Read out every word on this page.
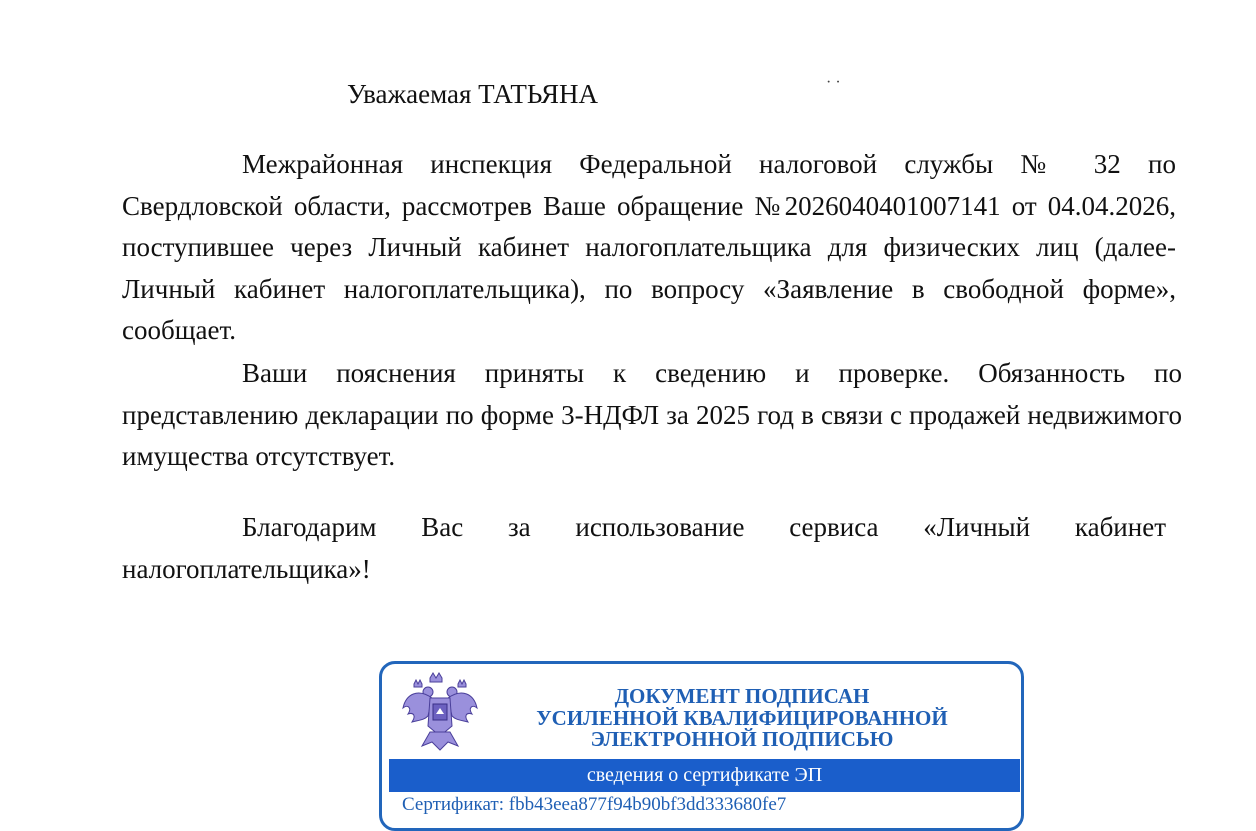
Уважаемая ТАТЬЯНА	· ·

Межрайонная инспекция Федеральной налоговой службы № 32 по Свердловской области, рассмотрев Ваше обращение №2026040401007141 от 04.04.2026, поступившее через Личный кабинет налогоплательщика для физических лиц (далее- Личный кабинет налогоплательщика), по вопросу «Заявление в свободной форме», сообщает.

Ваши пояснения приняты к сведению и проверке. Обязанность по представлению декларации по форме 3-НДФЛ за 2025 год в связи с продажей недвижимого имущества отсутствует.

Благодарим Вас за использование сервиса «Личный кабинет налогоплательщика»!

ДОКУМЕНТ ПОДПИСАН
УСИЛЕННОЙ КВАЛИФИЦИРОВАННОЙ
ЭЛЕКТРОННОЙ ПОДПИСЬЮ
сведения о сертификате ЭП
Сертификат: fbb43eea877f94b90bf3dd333680fe7
